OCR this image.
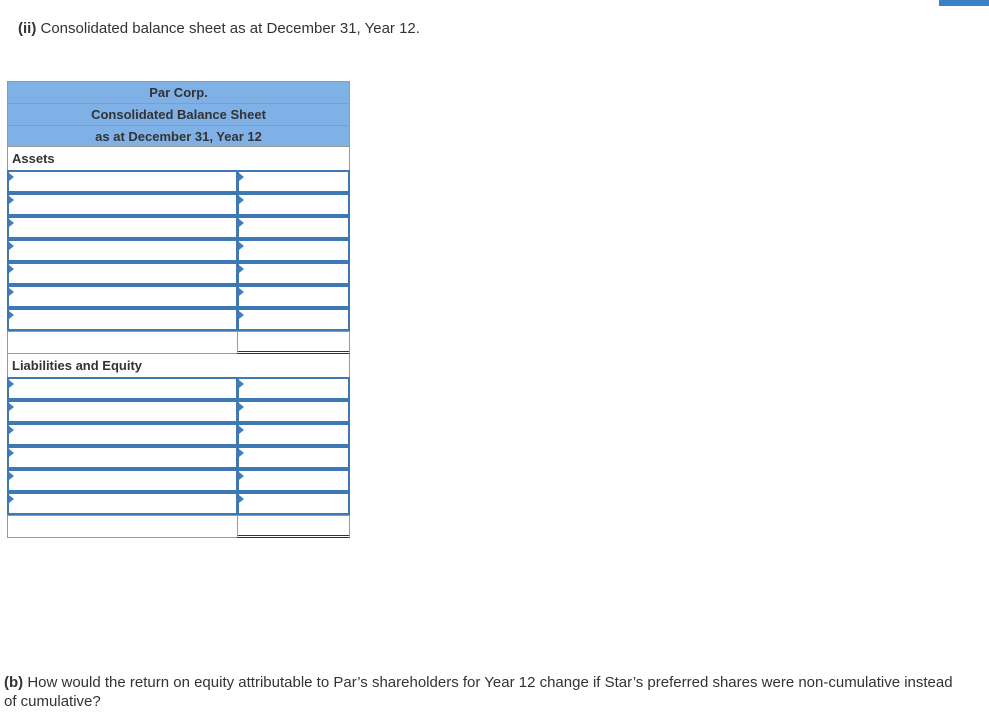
(ii) Consolidated balance sheet as at December 31, Year 12.
Par Corp.
Consolidated Balance Sheet
as at December 31, Year 12
Assets
Liabilities and Equity
(b) How would the return on equity attributable to Par’s shareholders for Year 12 change if Star’s preferred shares were non-cumulative instead of cumulative?
